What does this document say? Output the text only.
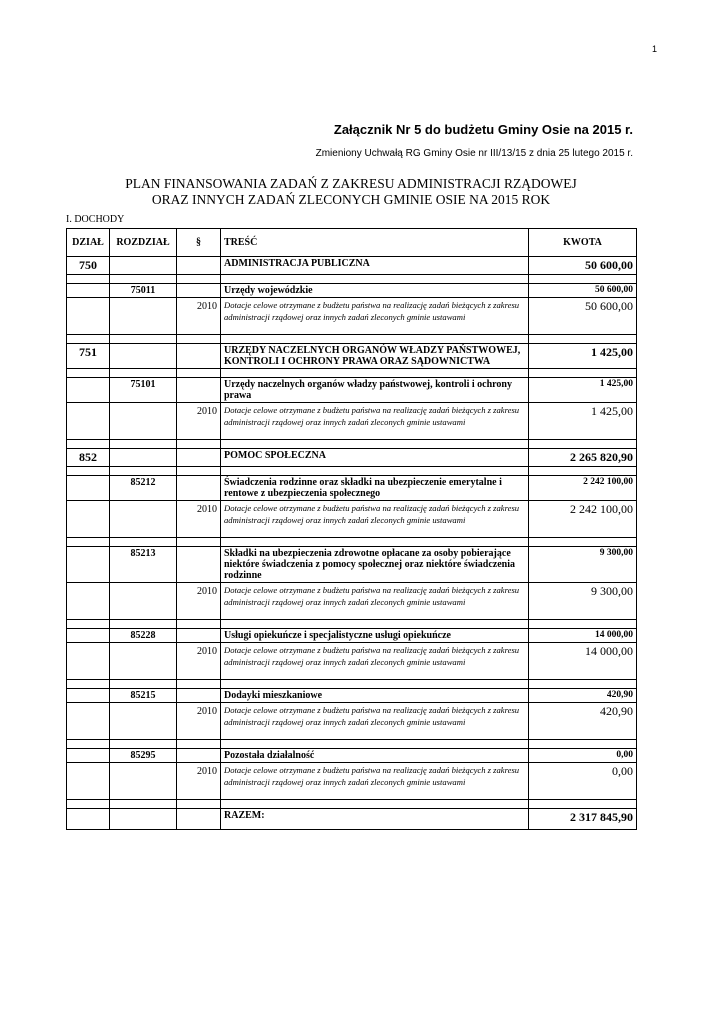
1
Załącznik Nr 5 do budżetu Gminy Osie na 2015 r.
Zmieniony Uchwałą RG Gminy Osie nr III/13/15 z dnia 25 lutego 2015 r.
PLAN FINANSOWANIA ZADAŃ Z ZAKRESU ADMINISTRACJI RZĄDOWEJ
ORAZ INNYCH ZADAŃ ZLECONYCH GMINIE OSIE NA 2015 ROK
I. DOCHODY
DZIAŁ	ROZDZIAŁ	§	TREŚĆ	KWOTA
750			ADMINISTRACJA PUBLICZNA	50 600,00

	75011		Urzędy wojewódzkie	50 600,00
		2010	Dotacje celowe otrzymane z budżetu państwa na realizację zadań bieżących z zakresu administracji rządowej oraz innych zadań zleconych gminie ustawami	50 600,00

751			URZĘDY NACZELNYCH ORGANÓW WŁADZY PAŃSTWOWEJ, KONTROLI I OCHRONY PRAWA ORAZ SĄDOWNICTWA	1 425,00

	75101		Urzędy naczelnych organów władzy państwowej, kontroli i ochrony prawa	1 425,00
		2010	Dotacje celowe otrzymane z budżetu państwa na realizację zadań bieżących z zakresu administracji rządowej oraz innych zadań zleconych gminie ustawami	1 425,00

852			POMOC SPOŁECZNA	2 265 820,90

	85212		Świadczenia rodzinne oraz składki na ubezpieczenie emerytalne i rentowe z ubezpieczenia społecznego	2 242 100,00
		2010	Dotacje celowe otrzymane z budżetu państwa na realizację zadań bieżących z zakresu administracji rządowej oraz innych zadań zleconych gminie ustawami	2 242 100,00

	85213		Składki na ubezpieczenia zdrowotne opłacane za osoby pobierające niektóre świadczenia z pomocy społecznej oraz niektóre świadczenia rodzinne	9 300,00
		2010	Dotacje celowe otrzymane z budżetu państwa na realizację zadań bieżących z zakresu administracji rządowej oraz innych zadań zleconych gminie ustawami	9 300,00

	85228		Usługi opiekuńcze i specjalistyczne usługi opiekuńcze	14 000,00
		2010	Dotacje celowe otrzymane z budżetu państwa na realizację zadań bieżących z zakresu administracji rządowej oraz innych zadań zleconych gminie ustawami	14 000,00

	85215		Dodayki mieszkaniowe	420,90
		2010	Dotacje celowe otrzymane z budżetu państwa na realizację zadań bieżących z zakresu administracji rządowej oraz innych zadań zleconych gminie ustawami	420,90

	85295		Pozostała działalność	0,00
		2010	Dotacje celowe otrzymane z budżetu państwa na realizację zadań bieżących z zakresu administracji rządowej oraz innych zadań zleconych gminie ustawami	0,00

			RAZEM:	2 317 845,90
